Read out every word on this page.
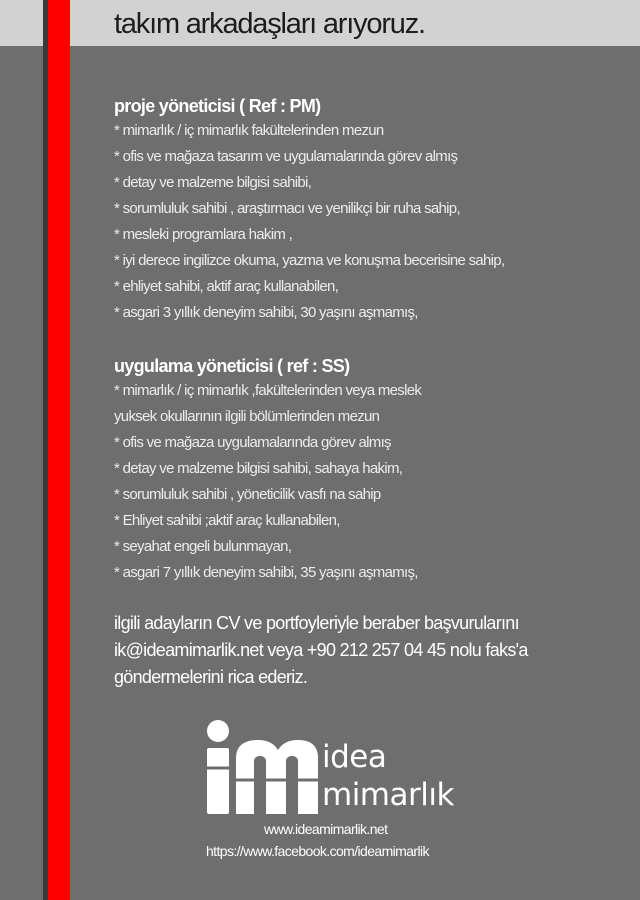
takım arkadaşları arıyoruz.
proje yöneticisi ( Ref : PM)
* mimarlık / iç mimarlık fakültelerinden mezun
* ofis ve mağaza tasarım ve uygulamalarında görev almış
* detay ve malzeme bilgisi sahibi,
* sorumluluk sahibi , araştırmacı ve yenilikçi bir ruha sahip,
* mesleki programlara hakim ,
* iyi derece ingilizce okuma, yazma ve konuşma becerisine sahip,
* ehliyet sahibi, aktif araç kullanabilen,
* asgari 3 yıllık deneyim sahibi, 30 yaşını aşmamış,
uygulama yöneticisi ( ref : SS)
* mimarlık / iç mimarlık ,fakültelerinden veya meslek
yuksek okullarının ilgili bölümlerinden mezun
* ofis ve mağaza uygulamalarında görev almış
* detay ve malzeme bilgisi sahibi, sahaya hakim,
* sorumluluk sahibi , yöneticilik vasfı na sahip
* Ehliyet sahibi ;aktif araç kullanabilen,
* seyahat engeli bulunmayan,
* asgari 7 yıllık deneyim sahibi, 35 yaşını aşmamış,
ilgili adayların CV ve portfoyleriyle beraber başvurularını
ik@ideamimarlik.net veya +90 212 257 04 45 nolu faks'a
göndermelerini rica ederiz.
idea
mimarlık
www.ideamimarlik.net
https://www.facebook.com/ideamimarlik
